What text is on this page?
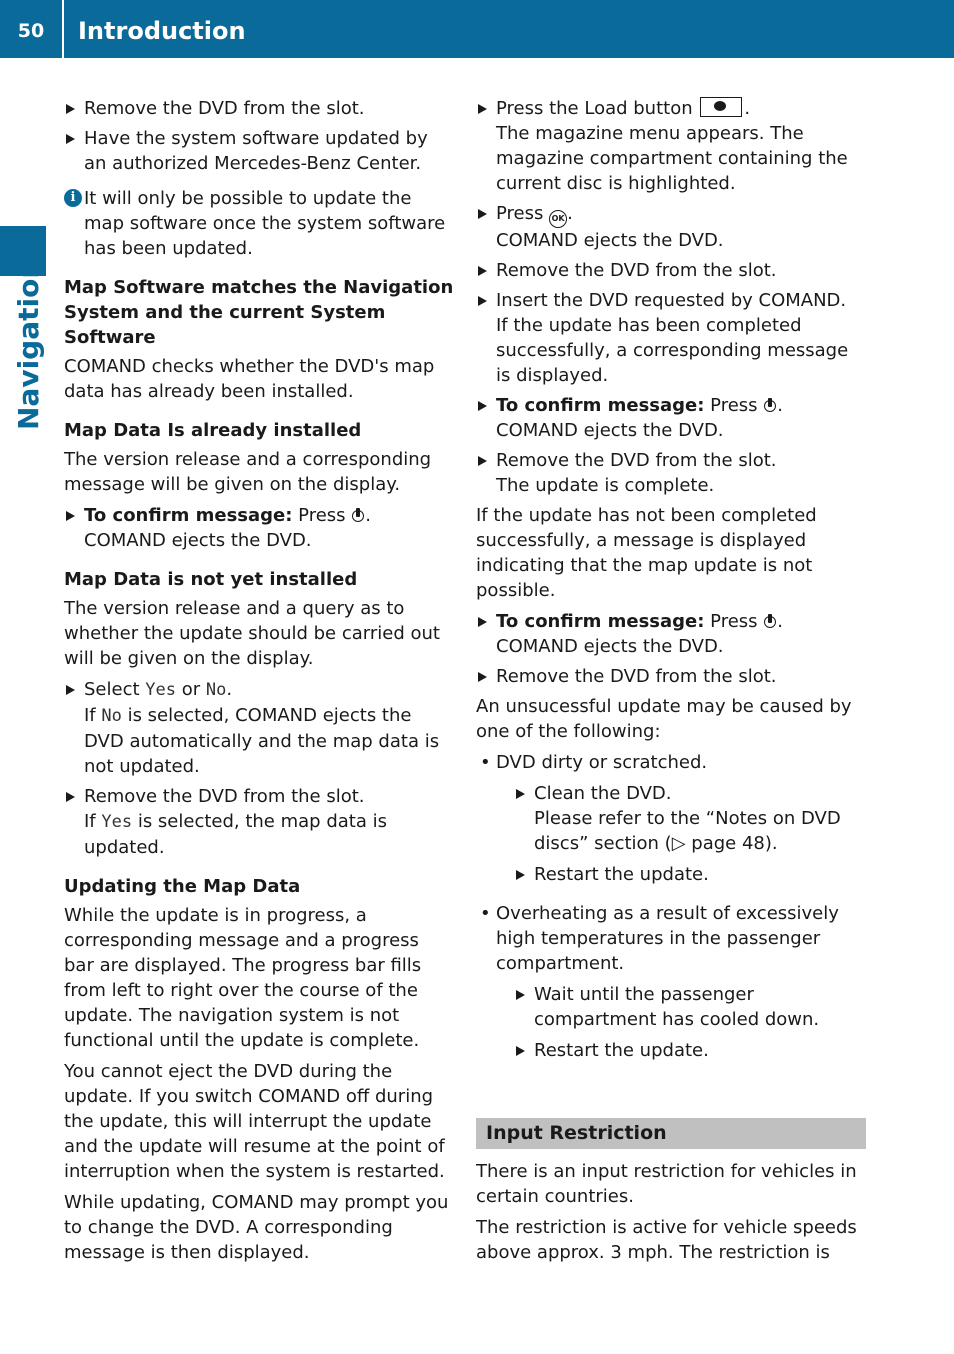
50	Introduction
Navigation
Remove the DVD from the slot.
Have the system software updated by an authorized Mercedes-Benz Center.
i It will only be possible to update the map software once the system software has been updated.
Map Software matches the Navigation System and the current System Software

COMAND checks whether the DVD's map data has already been installed.

Map Data Is already installed

The version release and a corresponding message will be given on the display.

To confirm message: Press .
COMAND ejects the DVD.
Map Data is not yet installed

The version release and a query as to whether the update should be carried out will be given on the display.

Select Yes or No.
If No is selected, COMAND ejects the DVD automatically and the map data is not updated.
Remove the DVD from the slot.
If Yes is selected, the map data is updated.
Updating the Map Data

While the update is in progress, a corresponding message and a progress bar are displayed. The progress bar fills from left to right over the course of the update. The navigation system is not functional until the update is complete.

You cannot eject the DVD during the update. If you switch COMAND off during the update, this will interrupt the update and the update will resume at the point of interruption when the system is restarted.

While updating, COMAND may prompt you to change the DVD. A corresponding message is then displayed.

Press the Load button	.
The magazine menu appears. The magazine compartment containing the current disc is highlighted.
Press OK .
COMAND ejects the DVD.
Remove the DVD from the slot.
Insert the DVD requested by COMAND.
If the update has been completed successfully, a corresponding message is displayed.
To confirm message: Press .
COMAND ejects the DVD.
Remove the DVD from the slot.
The update is complete.

If the update has not been completed successfully, a message is displayed indicating that the map update is not possible.

To confirm message: Press .
COMAND ejects the DVD.
Remove the DVD from the slot.

An unsucessful update may be caused by one of the following:

• DVD dirty or scratched.
Clean the DVD.
Please refer to the “Notes on DVD discs” section (▷ page 48).
Restart the update.
• Overheating as a result of excessively high temperatures in the passenger compartment.
Wait until the passenger compartment has cooled down.
Restart the update.
Input Restriction

There is an input restriction for vehicles in certain countries.

The restriction is active for vehicle speeds above approx. 3 mph. The restriction is
